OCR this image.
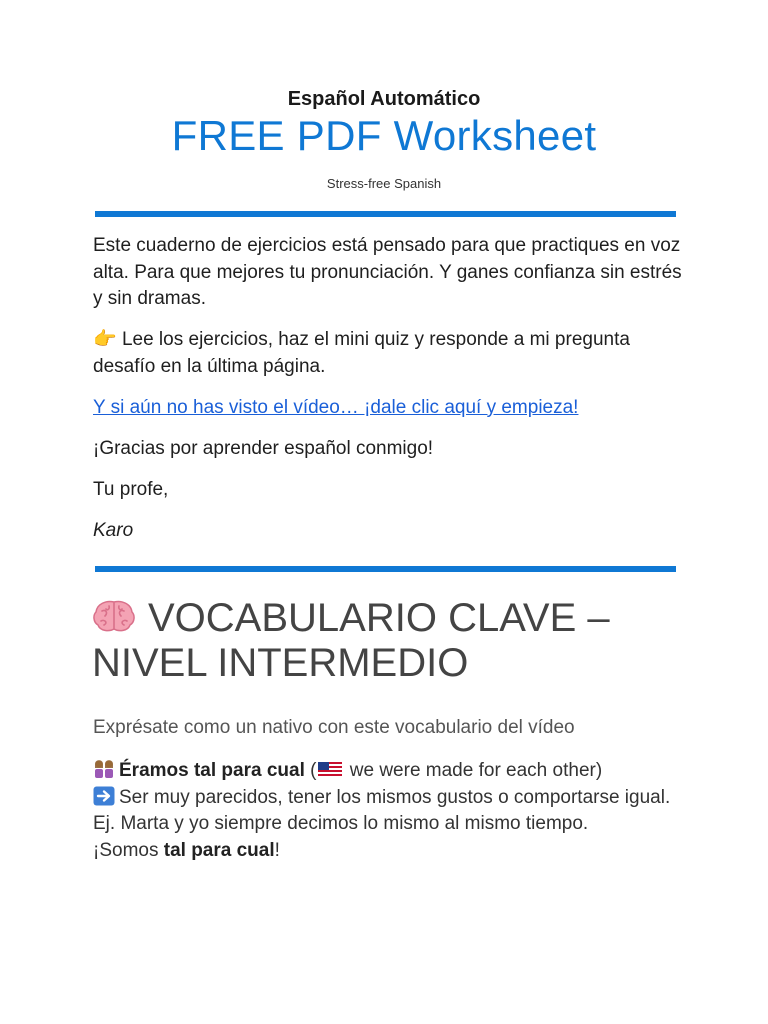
Español Automático
FREE PDF Worksheet
Stress-free Spanish

Este cuaderno de ejercicios está pensado para que practiques en voz alta. Para que mejores tu pronunciación. Y ganes confianza sin estrés y sin dramas.

👉 Lee los ejercicios, haz el mini quiz y responde a mi pregunta desafío en la última página.

Y si aún no has visto el vídeo… ¡dale clic aquí y empieza!

¡Gracias por aprender español conmigo!

Tu profe,

Karo

VOCABULARIO CLAVE – NIVEL INTERMEDIO
Exprésate como un nativo con este vocabulario del vídeo
Éramos tal para cual ( we were made for each other)
Ser muy parecidos, tener los mismos gustos o comportarse igual.
Ej. Marta y yo siempre decimos lo mismo al mismo tiempo.
¡Somos tal para cual!
